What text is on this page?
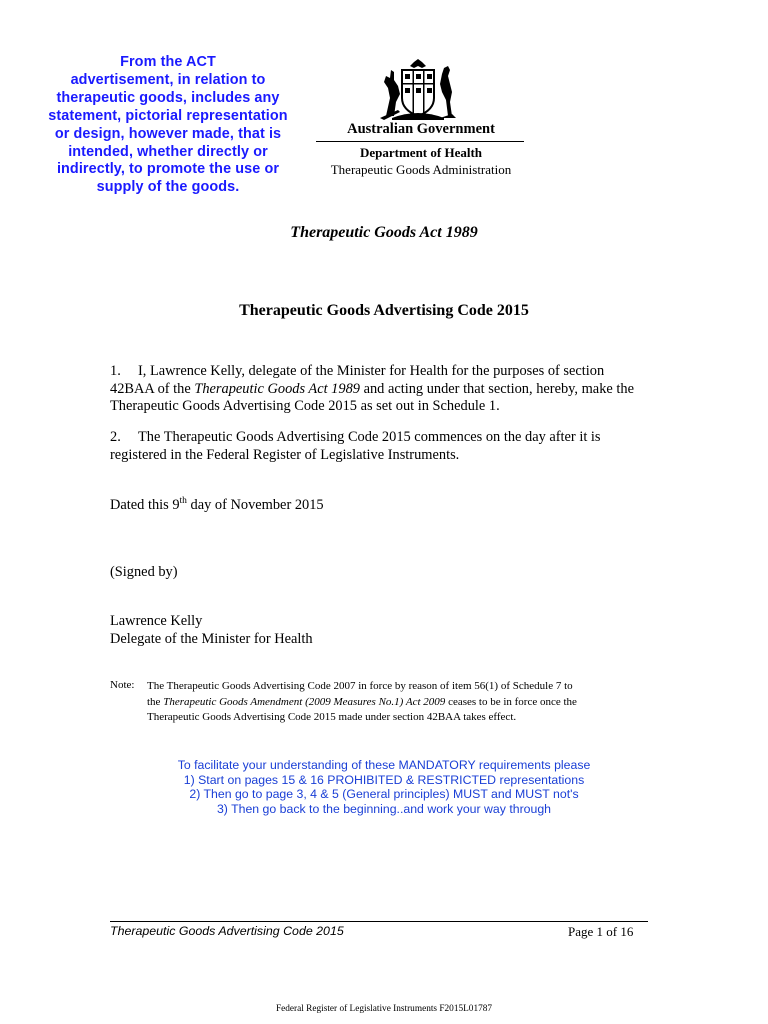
From the ACT
advertisement, in relation to
therapeutic goods, includes any
statement, pictorial representation
or design, however made, that is
intended, whether directly or
indirectly, to promote the use or
supply of the goods.
Australian Government
Department of Health
Therapeutic Goods Administration
Therapeutic Goods Act 1989
Therapeutic Goods Advertising Code 2015
1. I, Lawrence Kelly, delegate of the Minister for Health for the purposes of section 42BAA of the Therapeutic Goods Act 1989 and acting under that section, hereby, make the Therapeutic Goods Advertising Code 2015 as set out in Schedule 1.
2. The Therapeutic Goods Advertising Code 2015 commences on the day after it is registered in the Federal Register of Legislative Instruments.
Dated this 9th day of November 2015
(Signed by)
Lawrence Kelly
Delegate of the Minister for Health
Note: The Therapeutic Goods Advertising Code 2007 in force by reason of item 56(1) of Schedule 7 to
the Therapeutic Goods Amendment (2009 Measures No.1) Act 2009 ceases to be in force once the
Therapeutic Goods Advertising Code 2015 made under section 42BAA takes effect.
To facilitate your understanding of these MANDATORY requirements please
1) Start on pages 15 & 16 PROHIBITED & RESTRICTED representations
2) Then go to page 3, 4 & 5 (General principles) MUST and MUST not's
3) Then go back to the beginning..and work your way through
Therapeutic Goods Advertising Code 2015	Page 1 of 16
Federal Register of Legislative Instruments F2015L01787
